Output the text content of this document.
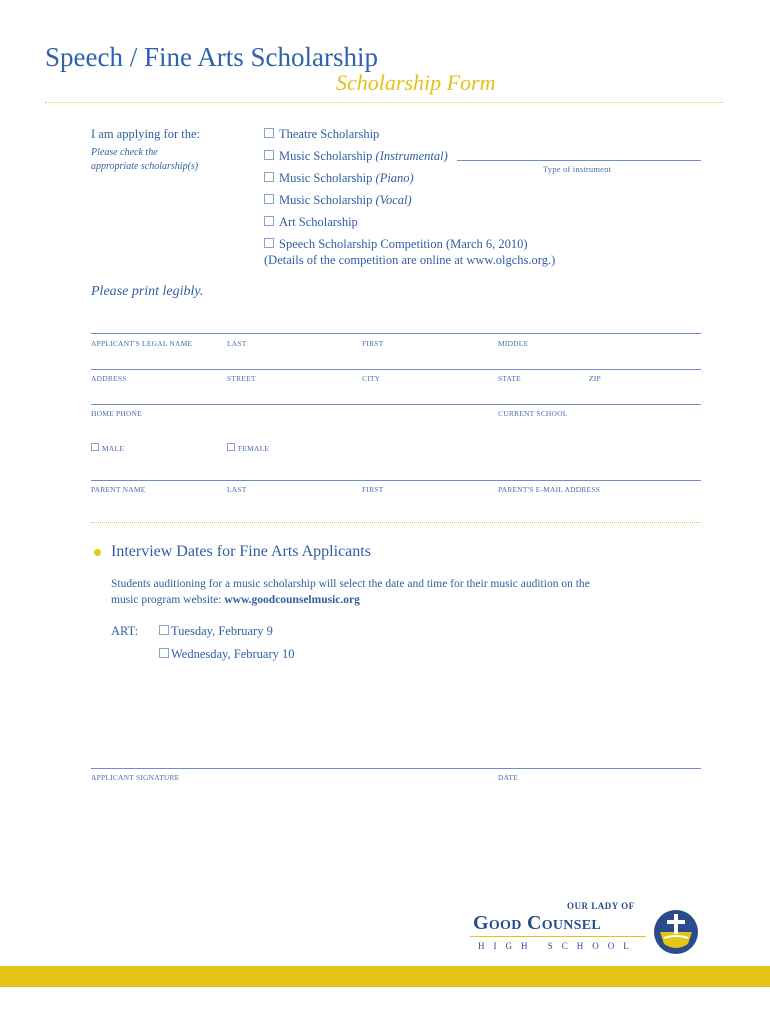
Speech / Fine Arts Scholarship
Scholarship Form
I am applying for the:
Please check the
appropriate scholarship(s)
Theatre Scholarship
Music Scholarship (Instrumental)
Type of instrument
Music Scholarship (Piano)
Music Scholarship (Vocal)
Art Scholarship
Speech Scholarship Competition (March 6, 2010)
(Details of the competition are online at www.olgchs.org.)
Please print legibly.
APPLICANT'S LEGAL NAME	LAST	FIRST	MIDDLE
ADDRESS	STREET	CITY	STATE	ZIP
HOME PHONE	CURRENT SCHOOL
MALE	FEMALE
PARENT NAME	LAST	FIRST	PARENT'S E-MAIL ADDRESS
Interview Dates for Fine Arts Applicants
Students auditioning for a music scholarship will select the date and time for their music audition on the
music program website: www.goodcounselmusic.org
ART:	Tuesday, February 9
Wednesday, February 10
APPLICANT SIGNATURE	DATE
OUR LADY OF
Good Counsel
HIGH SCHOOL
